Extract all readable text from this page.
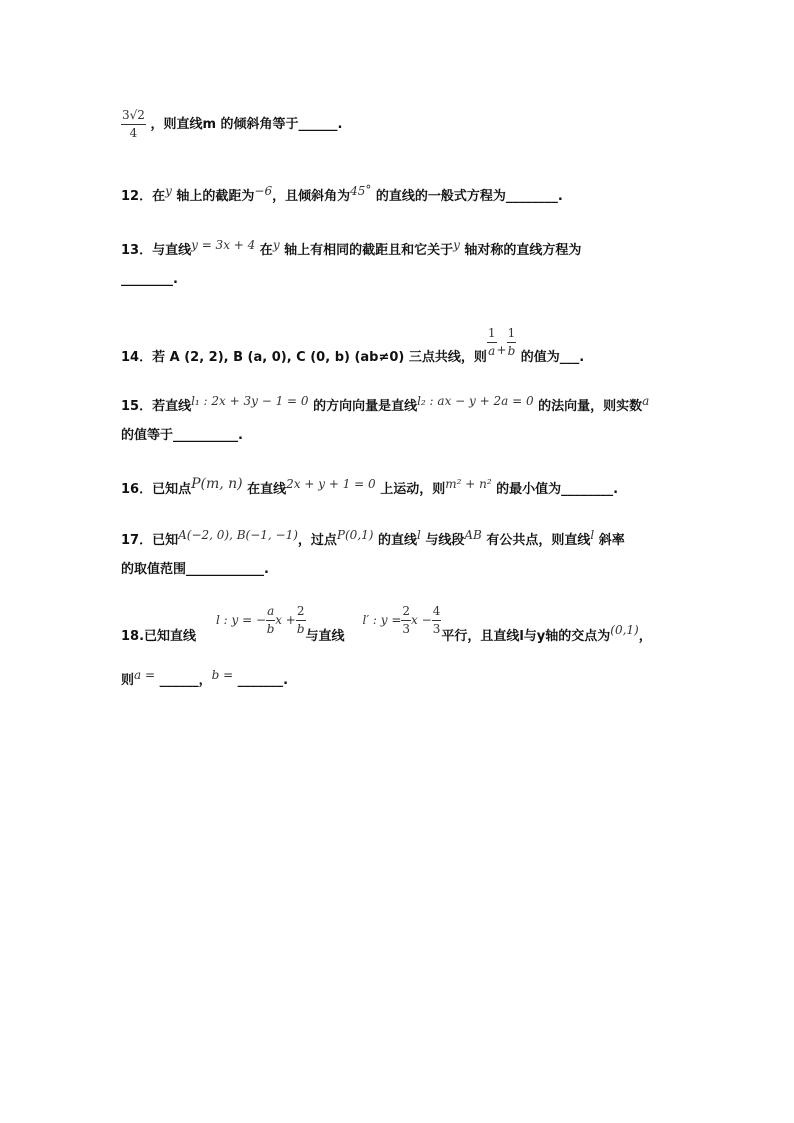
$\frac{3√2}{4}$ ，则直线m 的倾斜角等于______.
12．在y 轴上的截距为−6，且倾斜角为45° 的直线的一般式方程为________.
13．与直线y = 3x + 4 在y 轴上有相同的截距且和它关于y 轴对称的直线方程为
________.
14．若 A (2, 2), B (a, 0), C (0, b) (ab≠0) 三点共线，则 $\frac{1}{a} + \frac{1}{b}$ 的值为___.
15．若直线l₁ : 2x + 3y − 1 = 0 的方向向量是直线l₂ : ax − y + 2a = 0 的法向量，则实数a
的值等于__________.
16．已知点P(m, n) 在直线2x + y + 1 = 0 上运动，则m² + n² 的最小值为________.
17．已知A(−2, 0), B(−1, −1)，过点P(0,1) 的直线l 与线段AB 有公共点，则直线l 斜率
的取值范围____________.
18.已知直线l : y = − $\frac{a}{b}$ $x + \frac{2}{b}$ 与直线l′ : $y = \frac{2}{3}$ $x - \frac{4}{3}$ 平行，且直线l与y轴的交点为(0,1)，
则a = ______，b = _______.
